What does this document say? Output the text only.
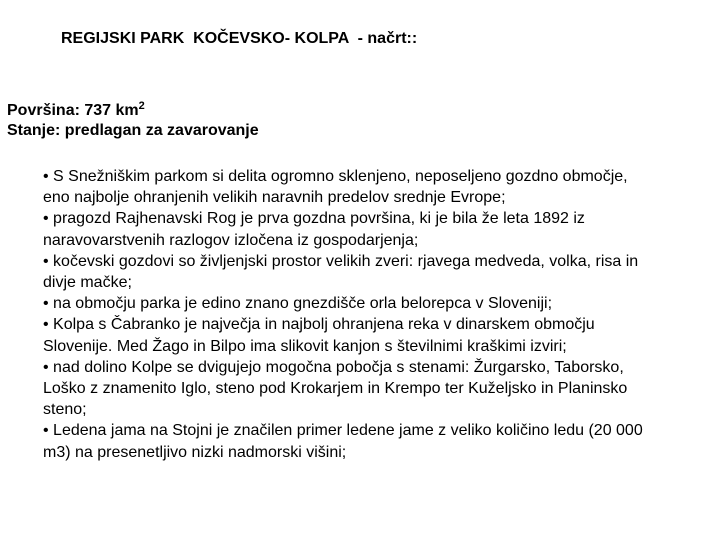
REGIJSKI PARK  KOČEVSKO- KOLPA  - načrt::
Površina: 737 $km^2$
Stanje: predlagan za zavarovanje
• S Snežniškim parkom si delita ogromno sklenjeno, neposeljeno gozdno območje,
eno najbolje ohranjenih velikih naravnih predelov srednje Evrope;
• pragozd Rajhenavski Rog je prva gozdna površina, ki je bila že leta 1892 iz
naravovarstvenih razlogov izločena iz gospodarjenja;
• kočevski gozdovi so življenjski prostor velikih zveri: rjavega medveda, volka, risa in
divje mačke;
• na območju parka je edino znano gnezdišče orla belorepca v Sloveniji;
• Kolpa s Čabranko je največja in najbolj ohranjena reka v dinarskem območju
Slovenije. Med Žago in Bilpo ima slikovit kanjon s številnimi kraškimi izviri;
• nad dolino Kolpe se dvigujejo mogočna pobočja s stenami: Žurgarsko, Taborsko,
Loško z znamenito Iglo, steno pod Krokarjem in Krempo ter Kuželjsko in Planinsko
steno;
• Ledena jama na Stojni je značilen primer ledene jame z veliko količino ledu (20 000
m3) na presenetljivo nizki nadmorski višini;
